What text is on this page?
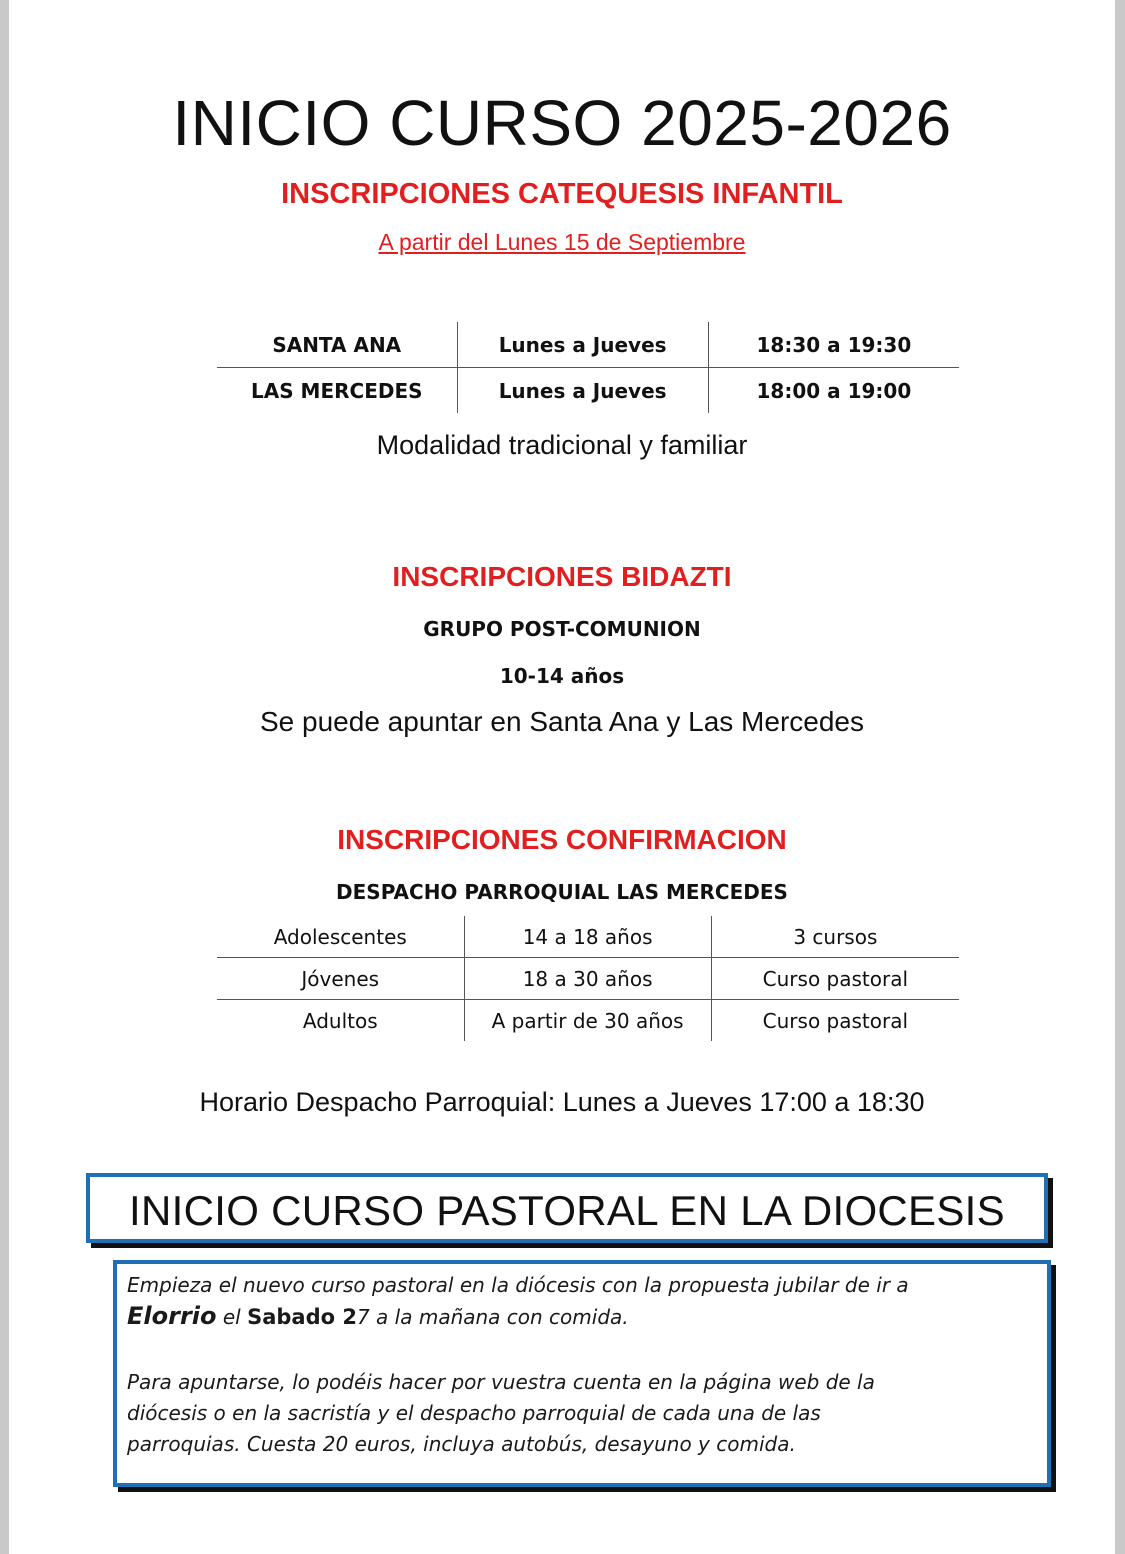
INICIO CURSO 2025-2026
INSCRIPCIONES CATEQUESIS INFANTIL
A partir del Lunes 15 de Septiembre
SANTA ANA	Lunes a Jueves	18:30 a 19:30
LAS MERCEDES	Lunes a Jueves	18:00 a 19:00
Modalidad tradicional y familiar
INSCRIPCIONES BIDAZTI
GRUPO POST-COMUNION
10-14 años
Se puede apuntar en Santa Ana y Las Mercedes
INSCRIPCIONES CONFIRMACION
DESPACHO PARROQUIAL LAS MERCEDES
Adolescentes	14 a 18 años	3 cursos
Jóvenes	18 a 30 años	Curso pastoral
Adultos	A partir de 30 años	Curso pastoral
Horario Despacho Parroquial: Lunes a Jueves 17:00 a 18:30
INICIO CURSO PASTORAL EN LA DIOCESIS

Empieza el nuevo curso pastoral en la diócesis con la propuesta jubilar de ir a
Elorrio el Sabado 27 a la mañana con comida.

Para apuntarse, lo podéis hacer por vuestra cuenta en la página web de la
diócesis o en la sacristía y el despacho parroquial de cada una de las
parroquias. Cuesta 20 euros, incluya autobús, desayuno y comida.
